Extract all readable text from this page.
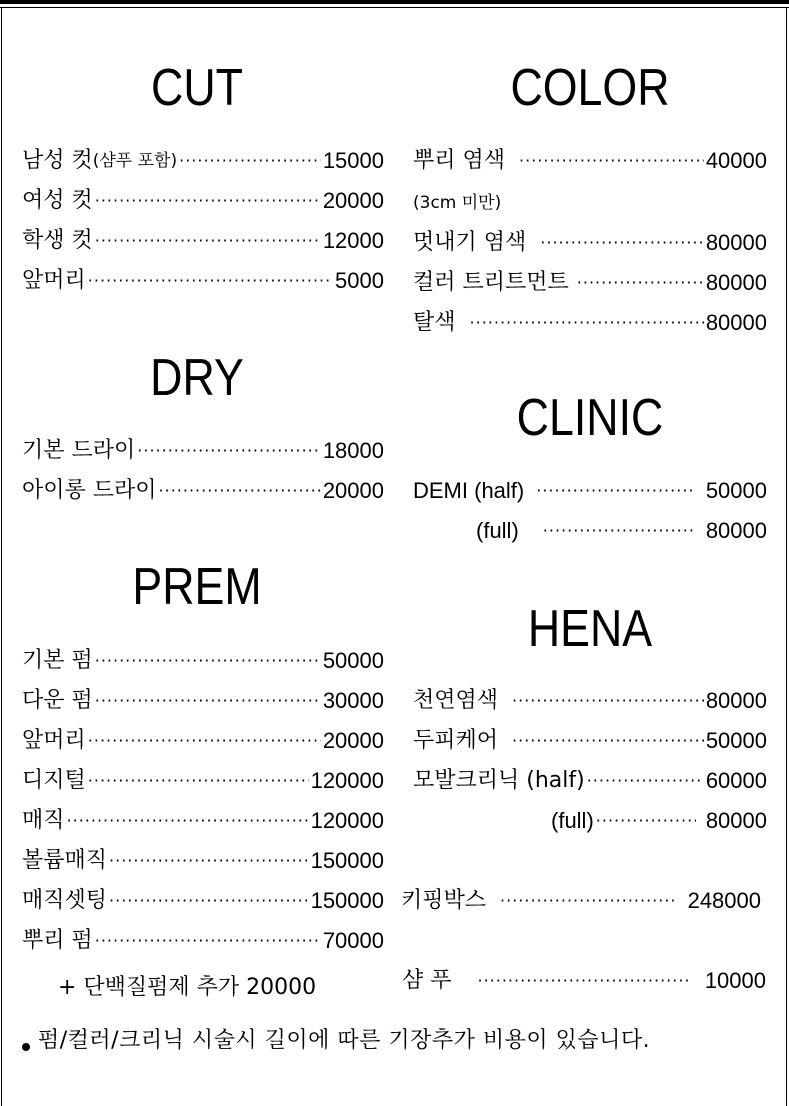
CUT
남성 컷 (샴푸 포함) ·····	15000
여성 컷 ·····	20000
학생 컷 ·····	12000
앞머리 ·····	5000
DRY
기본 드라이 ·····	18000
아이롱 드라이 ·····	20000
PREM
기본 펌 ·····	50000
다운 펌 ·····	30000
앞머리 ·····	20000
디지털 ·····	120000
매직 ·····	120000
볼륨매직 ·····	150000
매직셋팅 ·····	150000
뿌리 펌 ·····	70000
+ 단백질펌제 추가 20000
COLOR
뿌리 염색 ·····	40000
(3cm 미만)
멋내기 염색 ·····	80000
컬러 트리트먼트 ·····	80000
탈색 ·····	80000
CLINIC
DEMI (half) ·····	50000
(full) ·····	80000
HENA
천연염색 ·····	80000
두피케어 ·····	50000
모발크리닉 (half) ·····	60000
(full) ·····	80000
키핑박스 ·····	248000
샴 푸 ·····	10000
펌/컬러/크리닉 시술시 길이에 따른 기장추가 비용이 있습니다.
